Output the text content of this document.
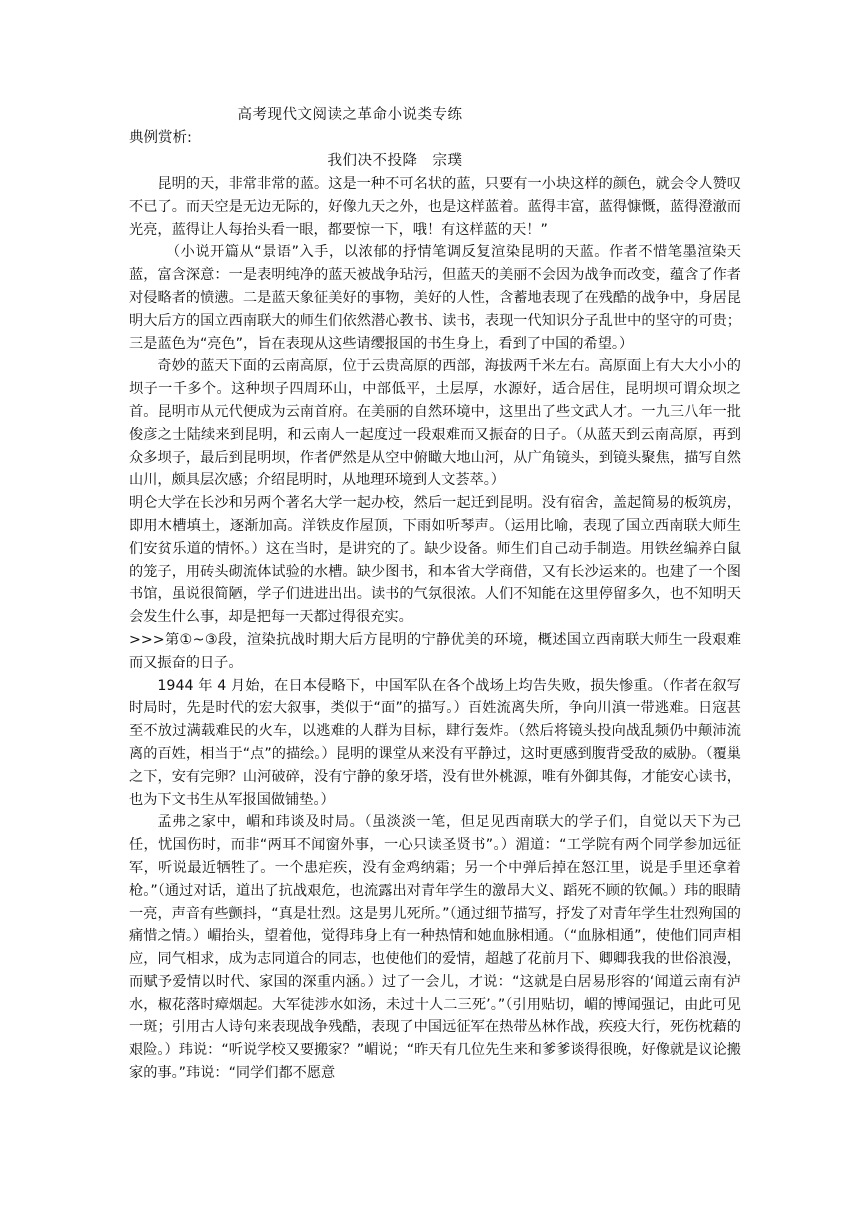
高考现代文阅读之革命小说类专练
典例赏析:
我们决不投降　宗璞

昆明的天，非常非常的蓝。这是一种不可名状的蓝，只要有一小块这样的颜色，就会令人赞叹不已了。而天空是无边无际的，好像九天之外，也是这样蓝着。蓝得丰富，蓝得慷慨，蓝得澄澈而光亮，蓝得让人每抬头看一眼，都要惊一下，哦！有这样蓝的天！”

（小说开篇从“景语”入手，以浓郁的抒情笔调反复渲染昆明的天蓝。作者不惜笔墨渲染天蓝，富含深意：一是表明纯净的蓝天被战争玷污，但蓝天的美丽不会因为战争而改变，蕴含了作者对侵略者的愤懑。二是蓝天象征美好的事物，美好的人性，含蓄地表现了在残酷的战争中，身居昆明大后方的国立西南联大的师生们依然潜心教书、读书，表现一代知识分子乱世中的坚守的可贵；三是蓝色为“亮色”，旨在表现从这些请缨报国的书生身上，看到了中国的希望。）

奇妙的蓝天下面的云南高原，位于云贵高原的西部，海拔两千米左右。高原面上有大大小小的坝子一千多个。这种坝子四周环山，中部低平，土层厚，水源好，适合居住，昆明坝可谓众坝之首。昆明市从元代便成为云南首府。在美丽的自然环境中，这里出了些文武人才。一九三八年一批俊彦之士陆续来到昆明，和云南人一起度过一段艰难而又振奋的日子。（从蓝天到云南高原，再到众多坝子，最后到昆明坝，作者俨然是从空中俯瞰大地山河，从广角镜头，到镜头聚焦，描写自然山川，颇具层次感；介绍昆明时，从地理环境到人文荟萃。）

明仑大学在长沙和另两个著名大学一起办校，然后一起迁到昆明。没有宿舍，盖起简易的板筑房，即用木槽填土，逐渐加高。洋铁皮作屋顶，下雨如听琴声。（运用比喻，表现了国立西南联大师生们安贫乐道的情怀。）这在当时，是讲究的了。缺少设备。师生们自己动手制造。用铁丝编养白鼠的笼子，用砖头砌流体试验的水槽。缺少图书，和本省大学商借，又有长沙运来的。也建了一个图书馆，虽说很简陋，学子们进进出出。读书的气氛很浓。人们不知能在这里停留多久，也不知明天会发生什么事，却是把每一天都过得很充实。

>>>第①~③段，渲染抗战时期大后方昆明的宁静优美的环境，概述国立西南联大师生一段艰难而又振奋的日子。

1944 年 4 月始，在日本侵略下，中国军队在各个战场上均告失败，损失惨重。（作者在叙写时局时，先是时代的宏大叙事，类似于“面”的描写。）百姓流离失所，争向川滇一带逃难。日寇甚至不放过满载难民的火车，以逃难的人群为目标，肆行轰炸。（然后将镜头投向战乱频仍中颠沛流离的百姓，相当于“点”的描绘。）昆明的课堂从来没有平静过，这时更感到腹背受敌的威胁。（覆巢之下，安有完卵？山河破碎，没有宁静的象牙塔，没有世外桃源，唯有外御其侮，才能安心读书，也为下文书生从军报国做铺垫。）

孟弗之家中，嵋和玮谈及时局。（虽淡淡一笔，但足见西南联大的学子们，自觉以天下为己任，忧国伤时，而非“两耳不闻窗外事，一心只读圣贤书”。）湄道：“工学院有两个同学参加远征军，听说最近牺牲了。一个患疟疾，没有金鸡纳霜；另一个中弹后掉在怒江里，说是手里还拿着枪。”（通过对话，道出了抗战艰危，也流露出对青年学生的激昂大义、蹈死不顾的钦佩。）玮的眼睛一亮，声音有些颤抖，“真是壮烈。这是男儿死所。”（通过细节描写，抒发了对青年学生壮烈殉国的痛惜之情。）嵋抬头，望着他，觉得玮身上有一种热情和她血脉相通。（“血脉相通”，使他们同声相应，同气相求，成为志同道合的同志，也使他们的爱情，超越了花前月下、卿卿我我的世俗浪漫，而赋予爱情以时代、家国的深重内涵。）过了一会儿，才说：“这就是白居易形容的‘闻道云南有泸水，椒花落时瘴烟起。大军徒涉水如汤，未过十人二三死’。”（引用贴切，嵋的博闻强记，由此可见一斑；引用古人诗句来表现战争残酷，表现了中国远征军在热带丛林作战，疾疫大行，死伤枕藉的艰险。）玮说：“听说学校又要搬家？”嵋说；“昨天有几位先生来和爹爹谈得很晚，好像就是议论搬家的事。”玮说：“同学们都不愿意
